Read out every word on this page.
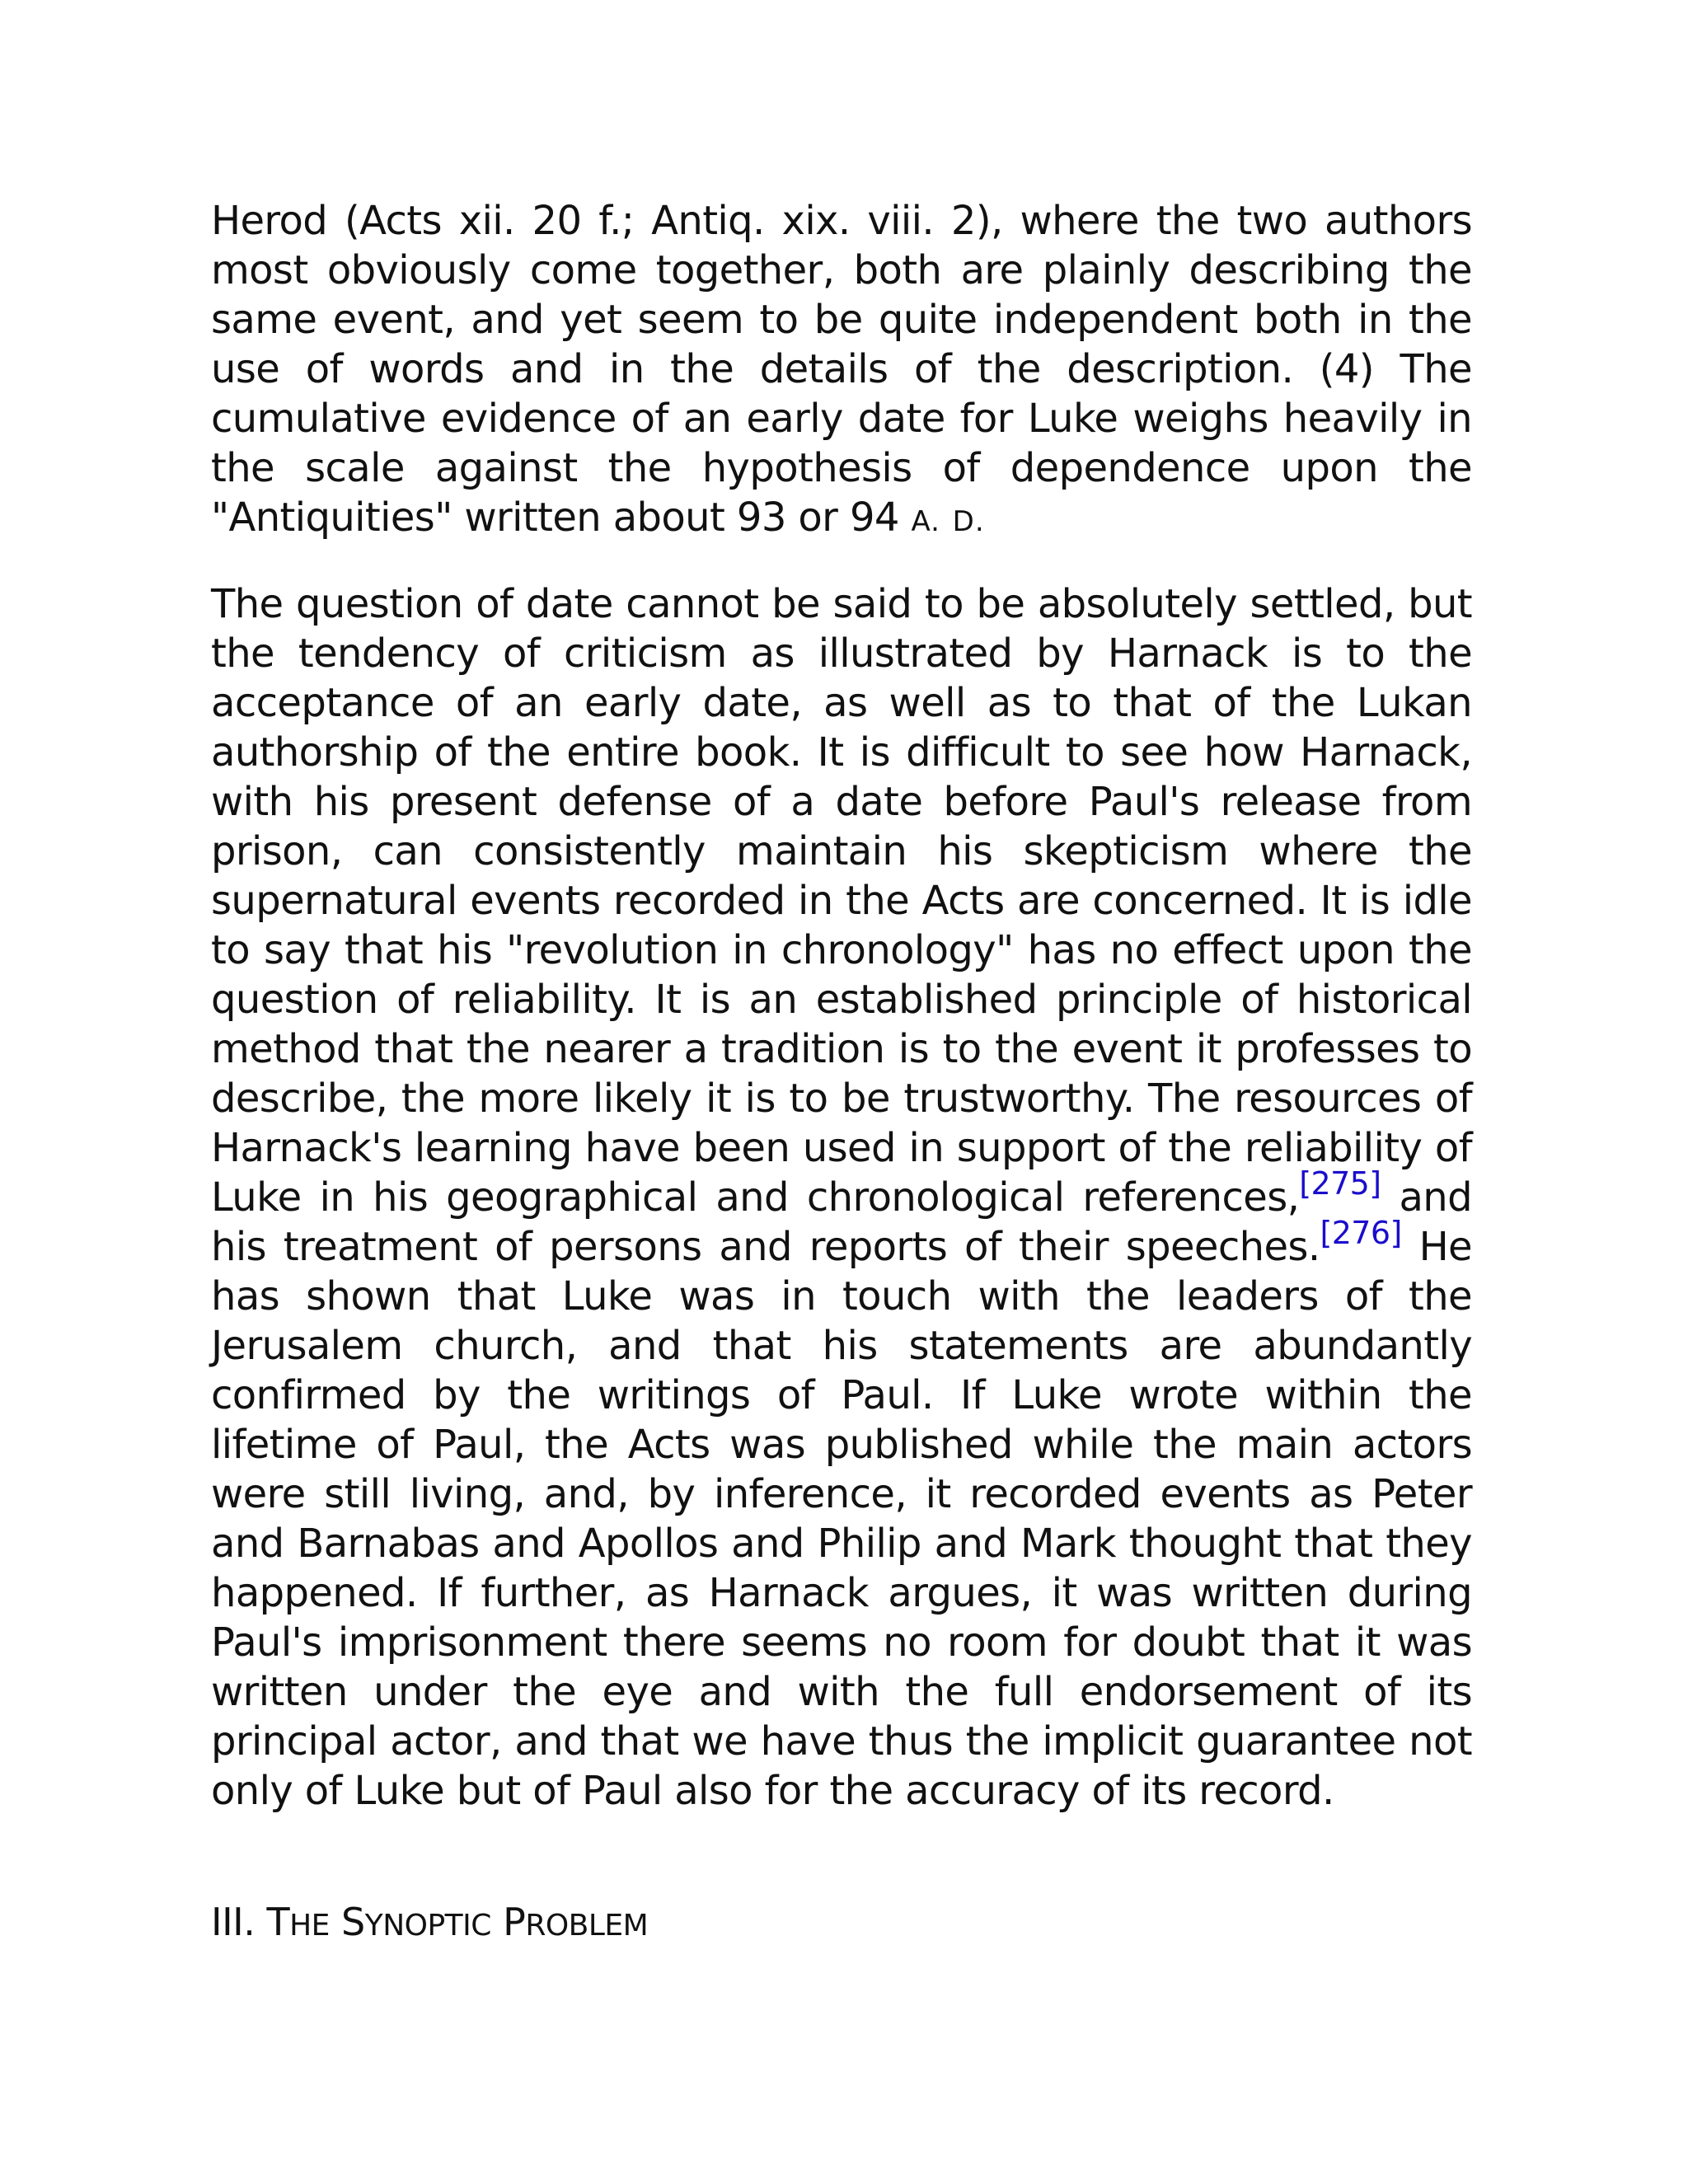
Herod (Acts xii. 20 f.; Antiq. xix. viii. 2), where the two authors most obviously come together, both are plainly describing the same event, and yet seem to be quite independent both in the use of words and in the details of the description. (4) The cumulative evidence of an early date for Luke weighs heavily in the scale against the hypothesis of dependence upon the "Antiquities" written about 93 or 94 A. D.

The question of date cannot be said to be absolutely settled, but the tendency of criticism as illustrated by Harnack is to the acceptance of an early date, as well as to that of the Lukan authorship of the entire book. It is difficult to see how Harnack, with his present defense of a date before Paul's release from prison, can consistently maintain his skepticism where the supernatural events recorded in the Acts are concerned. It is idle to say that his "revolution in chronology" has no effect upon the question of reliability. It is an established principle of historical method that the nearer a tradition is to the event it professes to describe, the more likely it is to be trustworthy. The resources of Harnack's learning have been used in support of the reliability of Luke in his geographical and chronological references,[275] and his treatment of persons and reports of their speeches.[276] He has shown that Luke was in touch with the leaders of the Jerusalem church, and that his statements are abundantly confirmed by the writings of Paul. If Luke wrote within the lifetime of Paul, the Acts was published while the main actors were still living, and, by inference, it recorded events as Peter and Barnabas and Apollos and Philip and Mark thought that they happened. If further, as Harnack argues, it was written during Paul's imprisonment there seems no room for doubt that it was written under the eye and with the full endorsement of its principal actor, and that we have thus the implicit guarantee not only of Luke but of Paul also for the accuracy of its record.

III. THE SYNOPTIC PROBLEM
